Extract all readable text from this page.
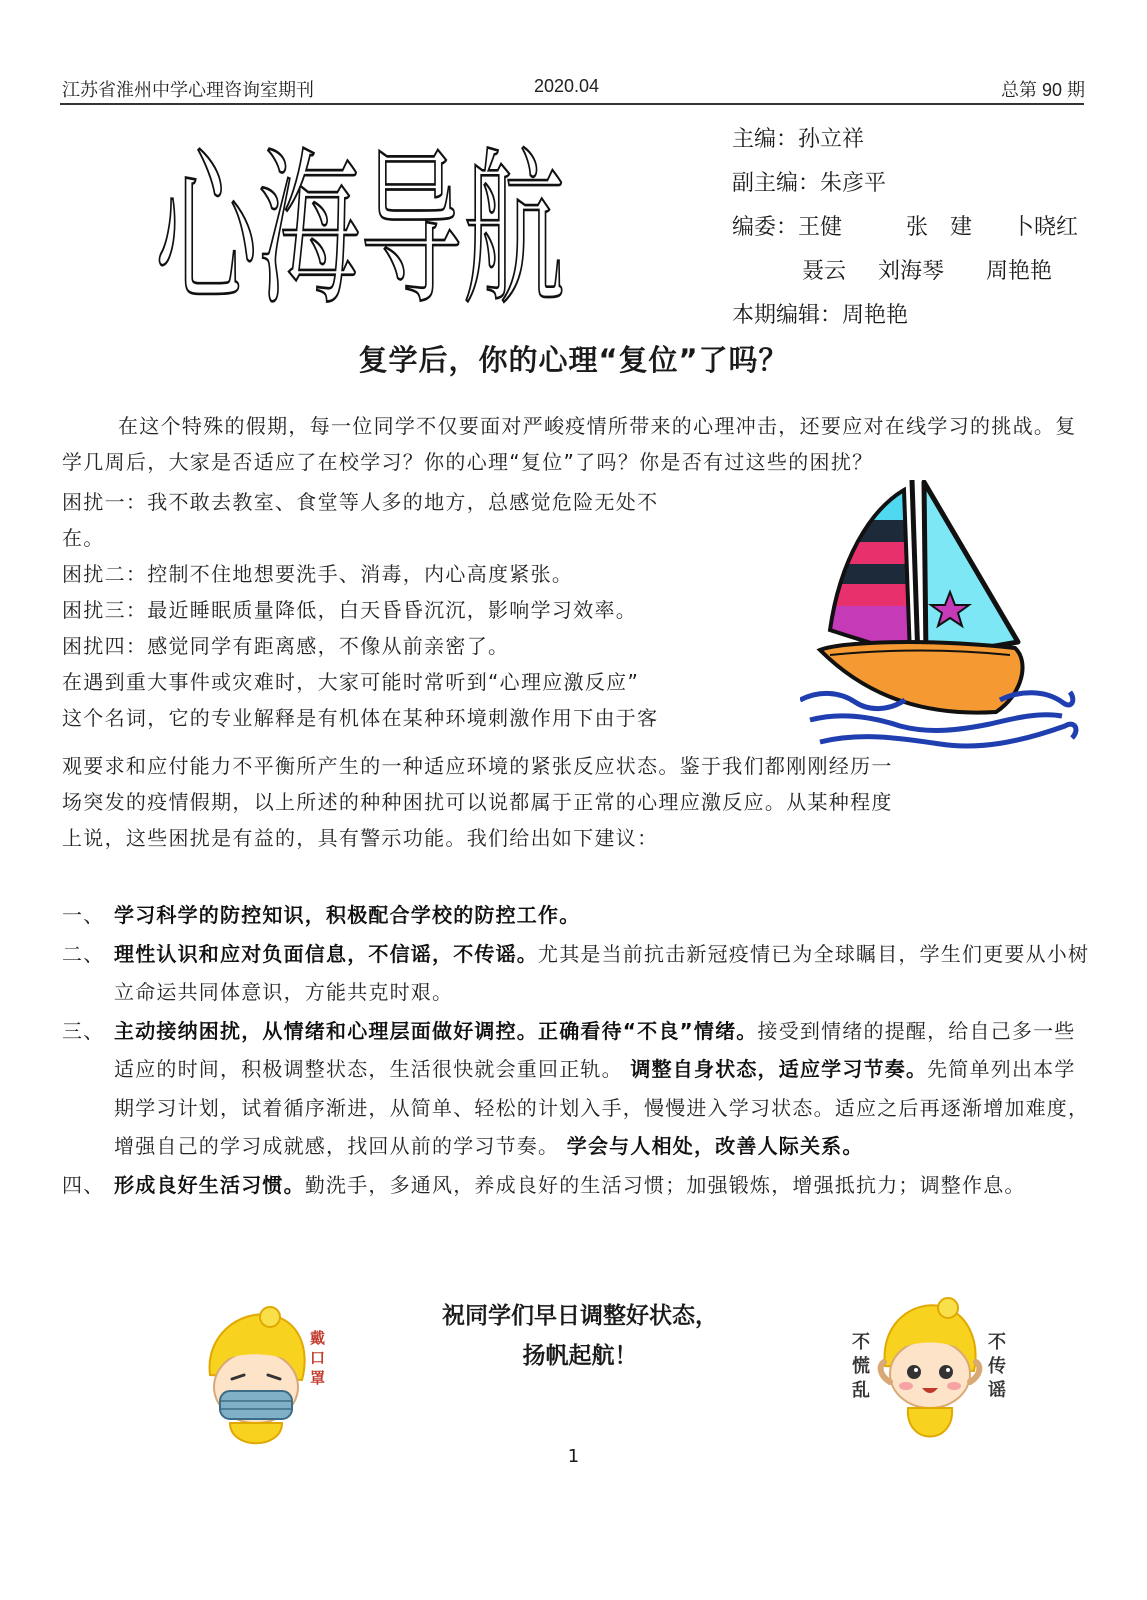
江苏省淮州中学心理咨询室期刊	2020.04	总第 90 期
心海导航	主编：孙立祥
副主编：朱彦平
编委：王健	张　建 卜晓红
聂云 刘海琴 周艳艳
本期编辑：周艳艳
复学后，你的心理“复位”了吗？
在这个特殊的假期，每一位同学不仅要面对严峻疫情所带来的心理冲击，还要应对在线学习的挑战。复学几周后，大家是否适应了在校学习？你的心理“复位”了吗？你是否有过这些的困扰？
困扰一：我不敢去教室、食堂等人多的地方，总感觉危险无处不
在。
困扰二：控制不住地想要洗手、消毒，内心高度紧张。
困扰三：最近睡眠质量降低，白天昏昏沉沉，影响学习效率。
困扰四：感觉同学有距离感，不像从前亲密了。
在遇到重大事件或灾难时，大家可能时常听到“心理应激反应”
这个名词，它的专业解释是有机体在某种环境刺激作用下由于客
观要求和应付能力不平衡所产生的一种适应环境的紧张反应状态。鉴于我们都刚刚经历一
场突发的疫情假期，以上所述的种种困扰可以说都属于正常的心理应激反应。从某种程度
上说，这些困扰是有益的，具有警示功能。我们给出如下建议：
一、 学习科学的防控知识，积极配合学校的防控工作。
二、 理性认识和应对负面信息，不信谣，不传谣。尤其是当前抗击新冠疫情已为全球瞩目，学生们更要从小树立命运共同体意识，方能共克时艰。
三、 主动接纳困扰，从情绪和心理层面做好调控。正确看待“不良”情绪。接受到情绪的提醒，给自己多一些适应的时间，积极调整状态，生活很快就会重回正轨。 调整自身状态，适应学习节奏。先简单列出本学期学习计划，试着循序渐进，从简单、轻松的计划入手，慢慢进入学习状态。适应之后再逐渐增加难度，增强自己的学习成就感，找回从前的学习节奏。 学会与人相处，改善人际关系。
四、 形成良好生活习惯。勤洗手，多通风，养成良好的生活习惯；加强锻炼，增强抵抗力；调整作息。
祝同学们早日调整好状态，
扬帆起航！
戴
口
罩
不
慌
乱
不
传
谣
1
